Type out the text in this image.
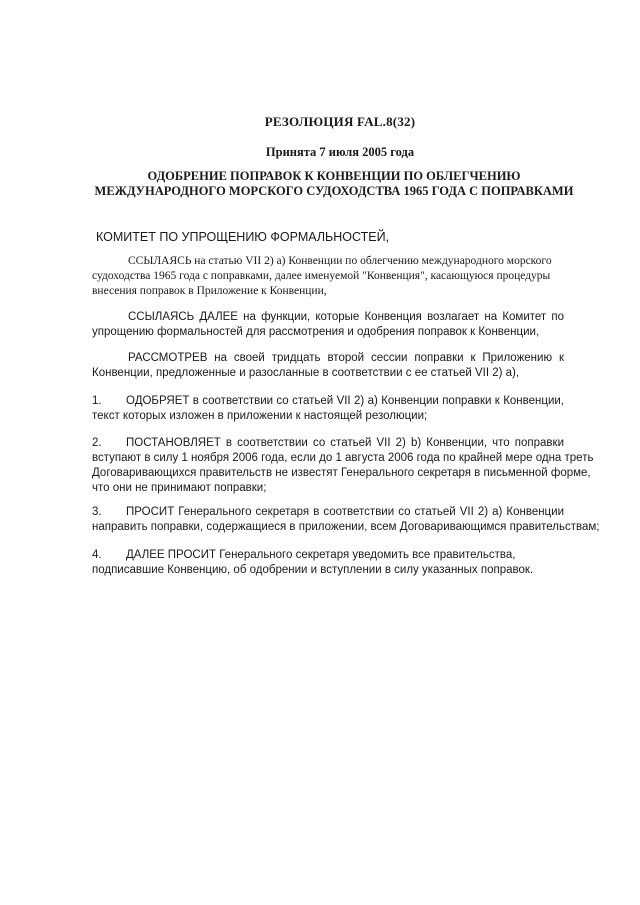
РЕЗОЛЮЦИЯ FAL.8(32)
Принята 7 июля 2005 года
ОДОБРЕНИЕ ПОПРАВОК К КОНВЕНЦИИ ПО ОБЛЕГЧЕНИЮ
МЕЖДУНАРОДНОГО МОРСКОГО СУДОХОДСТВА 1965 ГОДА С ПОПРАВКАМИ
КОМИТЕТ ПО УПРОЩЕНИЮ ФОРМАЛЬНОСТЕЙ,
ССЫЛАЯСЬ на статью VII 2) а) Конвенции по облегчению международного морского
судоходства 1965 года с поправками, далее именуемой "Конвенция", касающуюся процедуры
внесения поправок в Приложение к Конвенции,
ССЫЛАЯСЬ ДАЛЕЕ на функции, которые Конвенция возлагает на Комитет по
упрощению формальностей для рассмотрения и одобрения поправок к Конвенции,
РАССМОТРЕВ на своей тридцать второй сессии поправки к Приложению к
Конвенции, предложенные и разосланные в соответствии с ее статьей VII 2) а),
1. ОДОБРЯЕТ в соответствии со статьей VII 2) а) Конвенции поправки к Конвенции,
текст которых изложен в приложении к настоящей резолюции;
2. ПОСТАНОВЛЯЕТ в соответствии со статьей VII 2) b) Конвенции, что поправки
вступают в силу 1 ноября 2006 года, если до 1 августа 2006 года по крайней мере одна треть
Договаривающихся правительств не известят Генерального секретаря в письменной форме,
что они не принимают поправки;
3. ПРОСИТ Генерального секретаря в соответствии со статьей VII 2) а) Конвенции
направить поправки, содержащиеся в приложении, всем Договаривающимся правительствам;
4. ДАЛЕЕ ПРОСИТ Генерального секретаря уведомить все правительства,
подписавшие Конвенцию, об одобрении и вступлении в силу указанных поправок.
